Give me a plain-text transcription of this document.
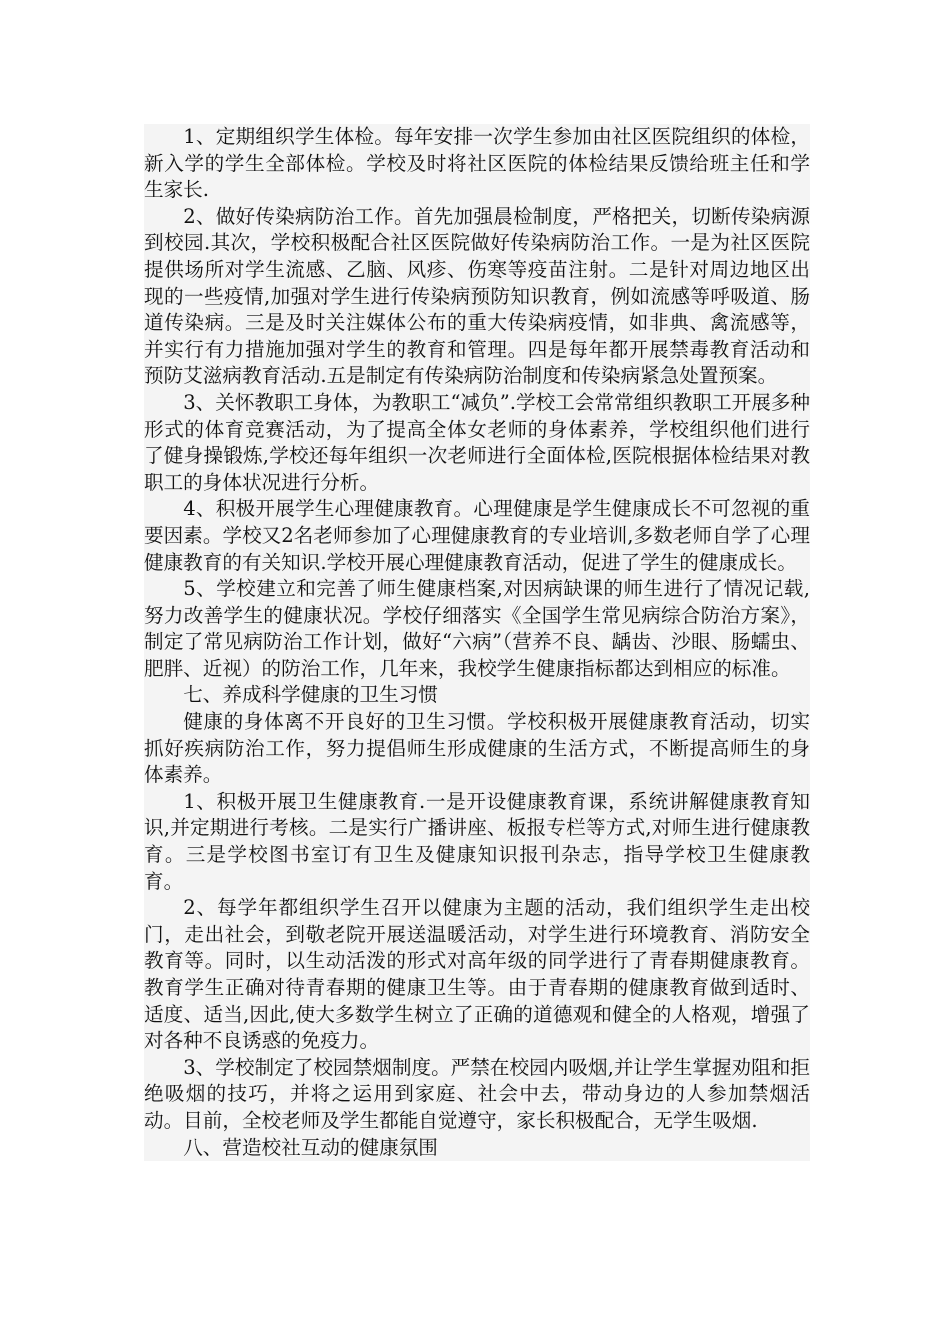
1、定期组织学生体检。每年安排一次学生参加由社区医院组织的体检，新入学的学生全部体检。学校及时将社区医院的体检结果反馈给班主任和学生家长.

2、做好传染病防治工作。首先加强晨检制度，严格把关，切断传染病源到校园.其次，学校积极配合社区医院做好传染病防治工作。一是为社区医院提供场所对学生流感、乙脑、风疹、伤寒等疫苗注射。二是针对周边地区出现的一些疫情,加强对学生进行传染病预防知识教育，例如流感等呼吸道、肠道传染病。三是及时关注媒体公布的重大传染病疫情，如非典、禽流感等，并实行有力措施加强对学生的教育和管理。四是每年都开展禁毒教育活动和预防艾滋病教育活动.五是制定有传染病防治制度和传染病紧急处置预案。

3、关怀教职工身体，为教职工“减负”.学校工会常常组织教职工开展多种形式的体育竞赛活动，为了提高全体女老师的身体素养，学校组织他们进行了健身操锻炼,学校还每年组织一次老师进行全面体检,医院根据体检结果对教职工的身体状况进行分析。

4、积极开展学生心理健康教育。心理健康是学生健康成长不可忽视的重要因素。学校又2名老师参加了心理健康教育的专业培训,多数老师自学了心理健康教育的有关知识.学校开展心理健康教育活动，促进了学生的健康成长。

5、学校建立和完善了师生健康档案,对因病缺课的师生进行了情况记载,努力改善学生的健康状况。学校仔细落实《全国学生常见病综合防治方案》，制定了常见病防治工作计划，做好“六病”（营养不良、龋齿、沙眼、肠蠕虫、肥胖、近视）的防治工作，几年来，我校学生健康指标都达到相应的标准。

七、养成科学健康的卫生习惯

健康的身体离不开良好的卫生习惯。学校积极开展健康教育活动，切实抓好疾病防治工作，努力提倡师生形成健康的生活方式，不断提高师生的身体素养。

1、积极开展卫生健康教育.一是开设健康教育课，系统讲解健康教育知识,并定期进行考核。二是实行广播讲座、板报专栏等方式,对师生进行健康教育。三是学校图书室订有卫生及健康知识报刊杂志，指导学校卫生健康教育。

2、每学年都组织学生召开以健康为主题的活动，我们组织学生走出校门，走出社会，到敬老院开展送温暖活动，对学生进行环境教育、消防安全教育等。同时，以生动活泼的形式对高年级的同学进行了青春期健康教育。教育学生正确对待青春期的健康卫生等。由于青春期的健康教育做到适时、适度、适当,因此,使大多数学生树立了正确的道德观和健全的人格观，增强了对各种不良诱惑的免疫力。

3、学校制定了校园禁烟制度。严禁在校园内吸烟,并让学生掌握劝阻和拒绝吸烟的技巧，并将之运用到家庭、社会中去，带动身边的人参加禁烟活动。目前，全校老师及学生都能自觉遵守，家长积极配合，无学生吸烟.

八、营造校社互动的健康氛围
